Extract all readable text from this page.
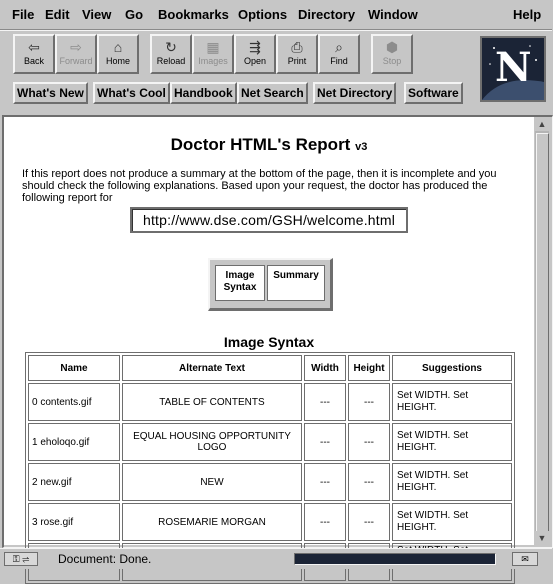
File Edit View Go Bookmarks Options Directory Window	Help
⇦
Back
⇨
Forward
⌂
Home
↻
Reload
▦
Images
⇶
Open
⎙
Print
⌕
Find
⬢
Stop
What's New	What's Cool Handbook Net Search	Net Directory	Software
N
Doctor HTML's Report v3
If this report does not produce a summary at the bottom of the page, then it is incomplete and you should check the following explanations. Based upon your request, the doctor has produced the following report for
http://www.dse.com/GSH/welcome.html
Image Syntax
Summary
Image Syntax
Name	Alternate Text	Width	Height	Suggestions
0 contents.gif	TABLE OF CONTENTS	---	---	Set WIDTH. Set HEIGHT.
1 eholoqo.gif	EQUAL HOUSING OPPORTUNITY LOGO	---	---	Set WIDTH. Set HEIGHT.
2 new.gif	NEW	---	---	Set WIDTH. Set HEIGHT.
3 rose.gif	ROSEMARIE MORGAN	---	---	Set WIDTH. Set HEIGHT.

▲
▼
⚿ ⇌	Document: Done.	✉
